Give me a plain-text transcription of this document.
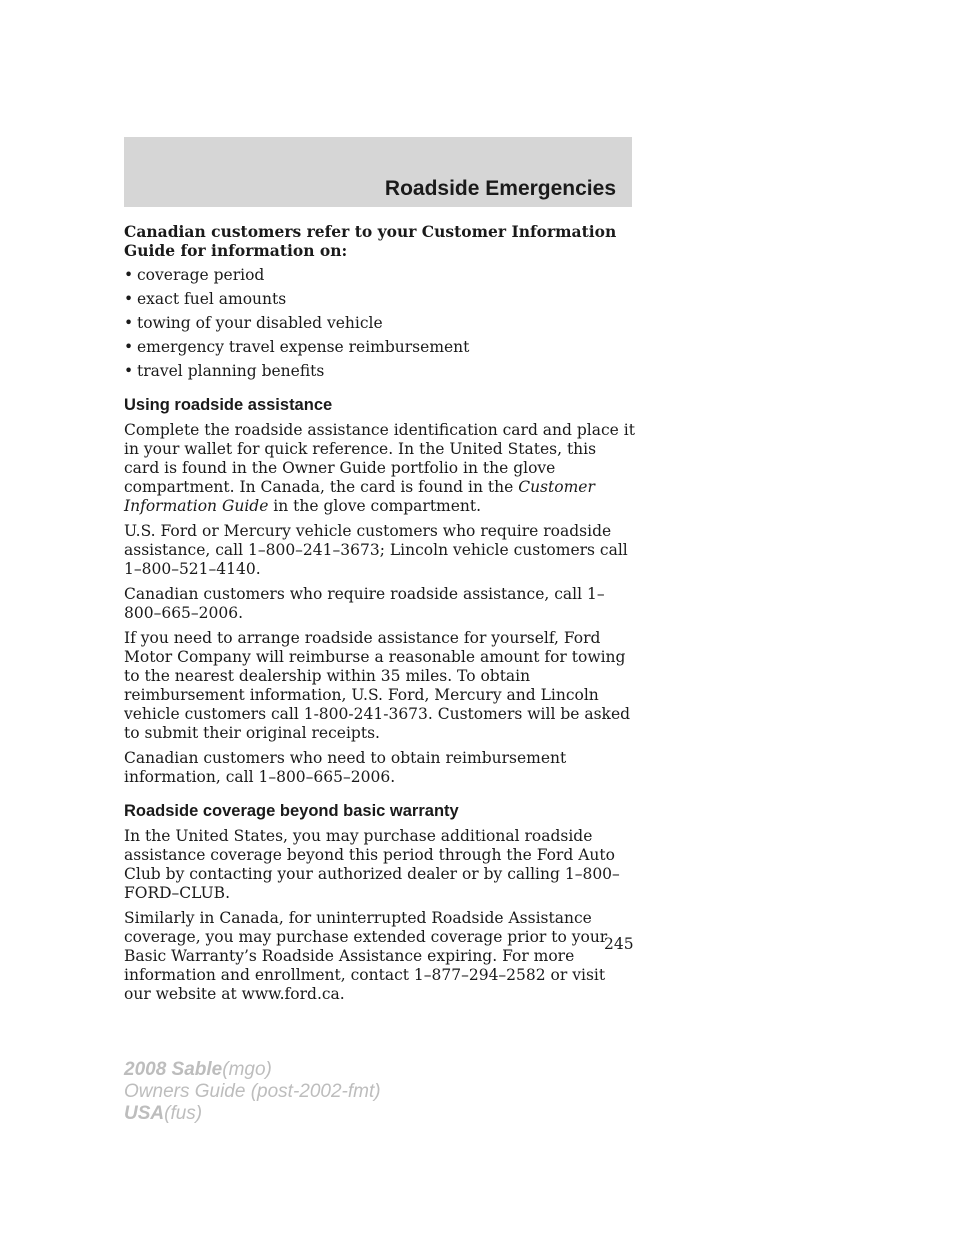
Roadside Emergencies

Canadian customers refer to your Customer Information Guide for information on:

• coverage period
• exact fuel amounts
• towing of your disabled vehicle
• emergency travel expense reimbursement
• travel planning benefits
Using roadside assistance

Complete the roadside assistance identification card and place it in your wallet for quick reference. In the United States, this card is found in the Owner Guide portfolio in the glove compartment. In Canada, the card is found in the Customer Information Guide in the glove compartment.

U.S. Ford or Mercury vehicle customers who require roadside assistance, call 1–800–241–3673; Lincoln vehicle customers call 1–800–521–4140.

Canadian customers who require roadside assistance, call 1–800–665–2006.

If you need to arrange roadside assistance for yourself, Ford Motor Company will reimburse a reasonable amount for towing to the nearest dealership within 35 miles. To obtain reimbursement information, U.S. Ford, Mercury and Lincoln vehicle customers call 1-800-241-3673. Customers will be asked to submit their original receipts.

Canadian customers who need to obtain reimbursement information, call 1–800–665–2006.

Roadside coverage beyond basic warranty

In the United States, you may purchase additional roadside assistance coverage beyond this period through the Ford Auto Club by contacting your authorized dealer or by calling 1–800–FORD–CLUB.

Similarly in Canada, for uninterrupted Roadside Assistance coverage, you may purchase extended coverage prior to your Basic Warranty’s Roadside Assistance expiring. For more information and enrollment, contact 1–877–294–2582 or visit our website at www.ford.ca.

245
2008 Sable(mgo)
Owners Guide (post-2002-fmt)
USA(fus)
